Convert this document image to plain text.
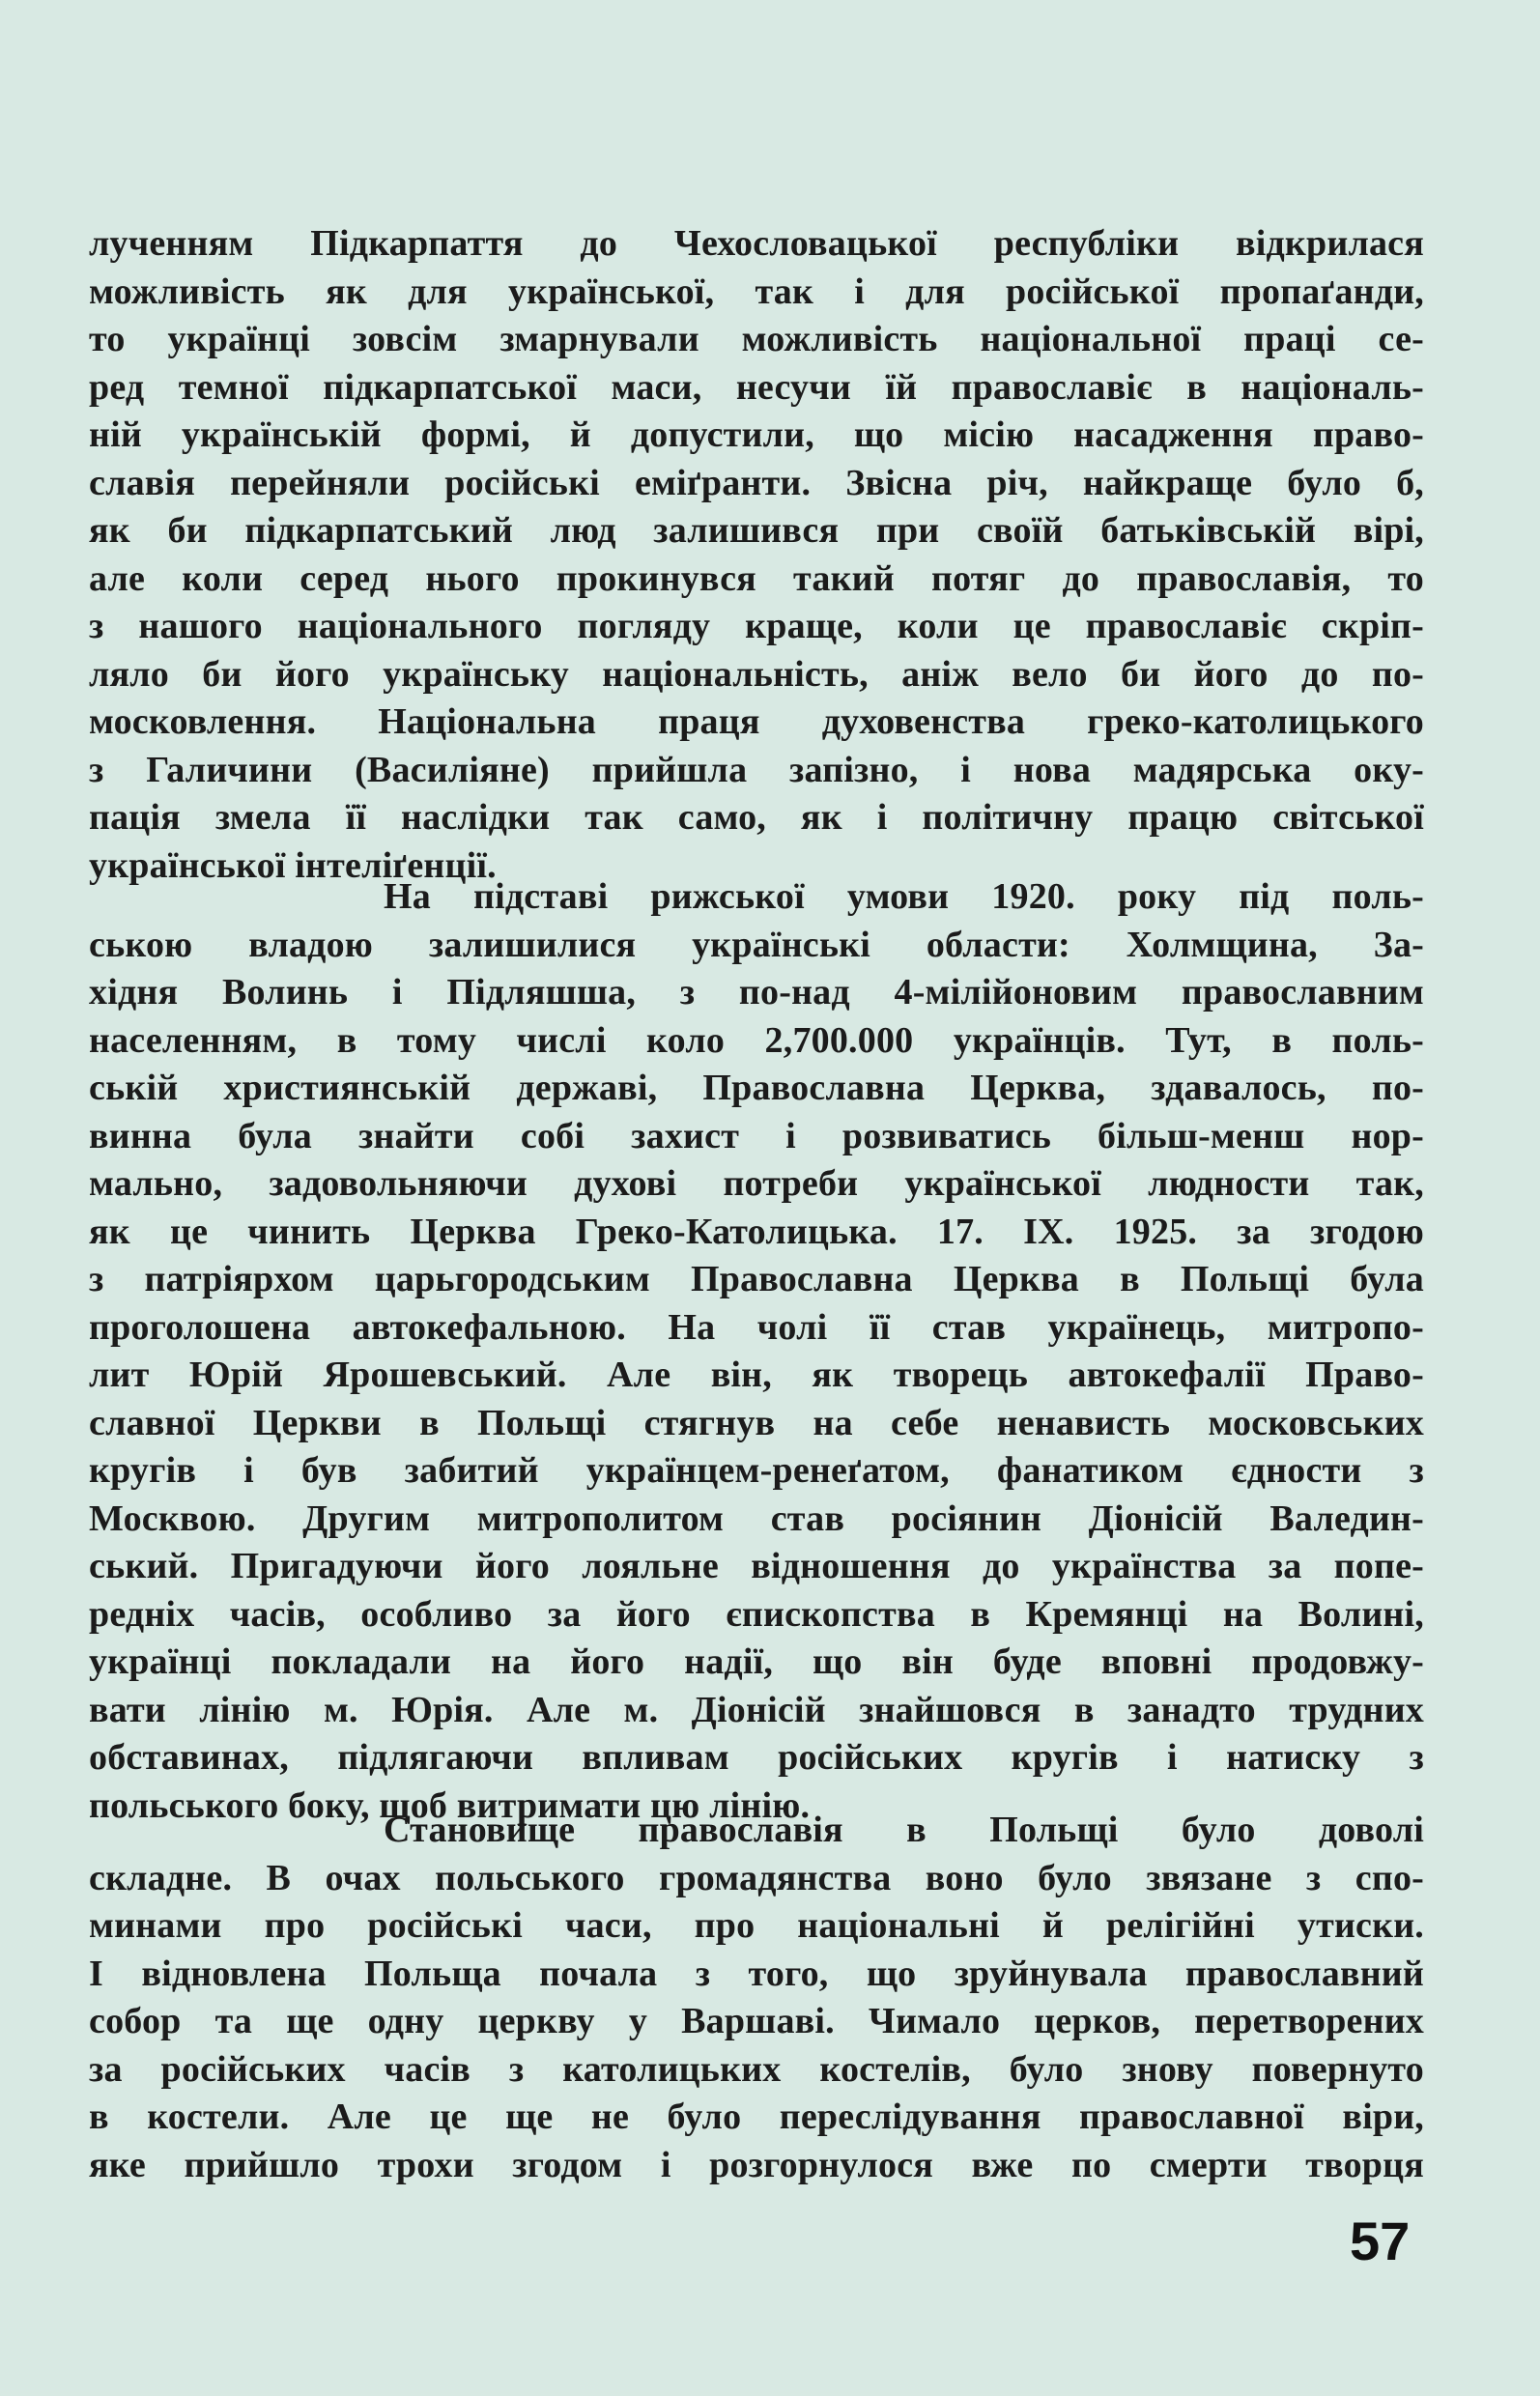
лученням Підкарпаття до Чехословацької республіки відкрилася
можливість як для української, так і для російської пропаґанди,
то українці зовсім змарнували можливість національної праці се-
ред темної підкарпатської маси, несучи їй православіє в національ-
ній українській формі, й допустили, що місію насадження право-
славія перейняли російські еміґранти. Звісна річ, найкраще було б,
як би підкарпатський люд залишився при своїй батьківській вірі,
але коли серед нього прокинувся такий потяг до православія, то
з нашого національного погляду краще, коли це православіє скріп-
ляло би його українську національність, аніж вело би його до по-
московлення. Національна праця духовенства греко-католицького
з Галичини (Василіяне) прийшла запізно, і нова мадярська оку-
пація змела її наслідки так само, як і політичну працю світської
української інтеліґенції.
На підставі рижської умови 1920. року під поль-
ською владою залишилися українські области: Холмщина, За-
хідня Волинь і Підляшша, з по-над 4-мілійоновим православним
населенням, в тому числі коло 2,700.000 українців. Тут, в поль-
ській християнській державі, Православна Церква, здавалось, по-
винна була знайти собі захист і розвиватись більш-менш нор-
мально, задовольняючи духові потреби української людности так,
як це чинить Церква Греко-Католицька. 17. IX. 1925. за згодою
з патріярхом царьгородським Православна Церква в Польщі була
проголошена автокефальною. На чолі її став українець, митропо-
лит Юрій Ярошевський. Але він, як творець автокефалії Право-
славної Церкви в Польщі стягнув на себе ненависть московських
кругів і був забитий українцем-ренеґатом, фанатиком єдности з
Москвою. Другим митрополитом став росіянин Діонісій Валедин-
ський. Пригадуючи його лояльне відношення до українства за попе-
редніх часів, особливо за його єпископства в Кремянці на Волині,
українці покладали на його надії, що він буде вповні продовжу-
вати лінію м. Юрія. Але м. Діонісій знайшовся в занадто трудних
обставинах, підлягаючи впливам російських кругів і натиску з
польського боку, щоб витримати цю лінію.
Становище православія в Польщі було доволі
складне. В очах польського громадянства воно було звязане з спо-
минами про російські часи, про національні й релігійні утиски.
І відновлена Польща почала з того, що зруйнувала православний
собор та ще одну церкву у Варшаві. Чимало церков, перетворених
за російських часів з католицьких костелів, було знову повернуто
в костели. Але це ще не було переслідування православної віри,
яке прийшло трохи згодом і розгорнулося вже по смерти творця
57
